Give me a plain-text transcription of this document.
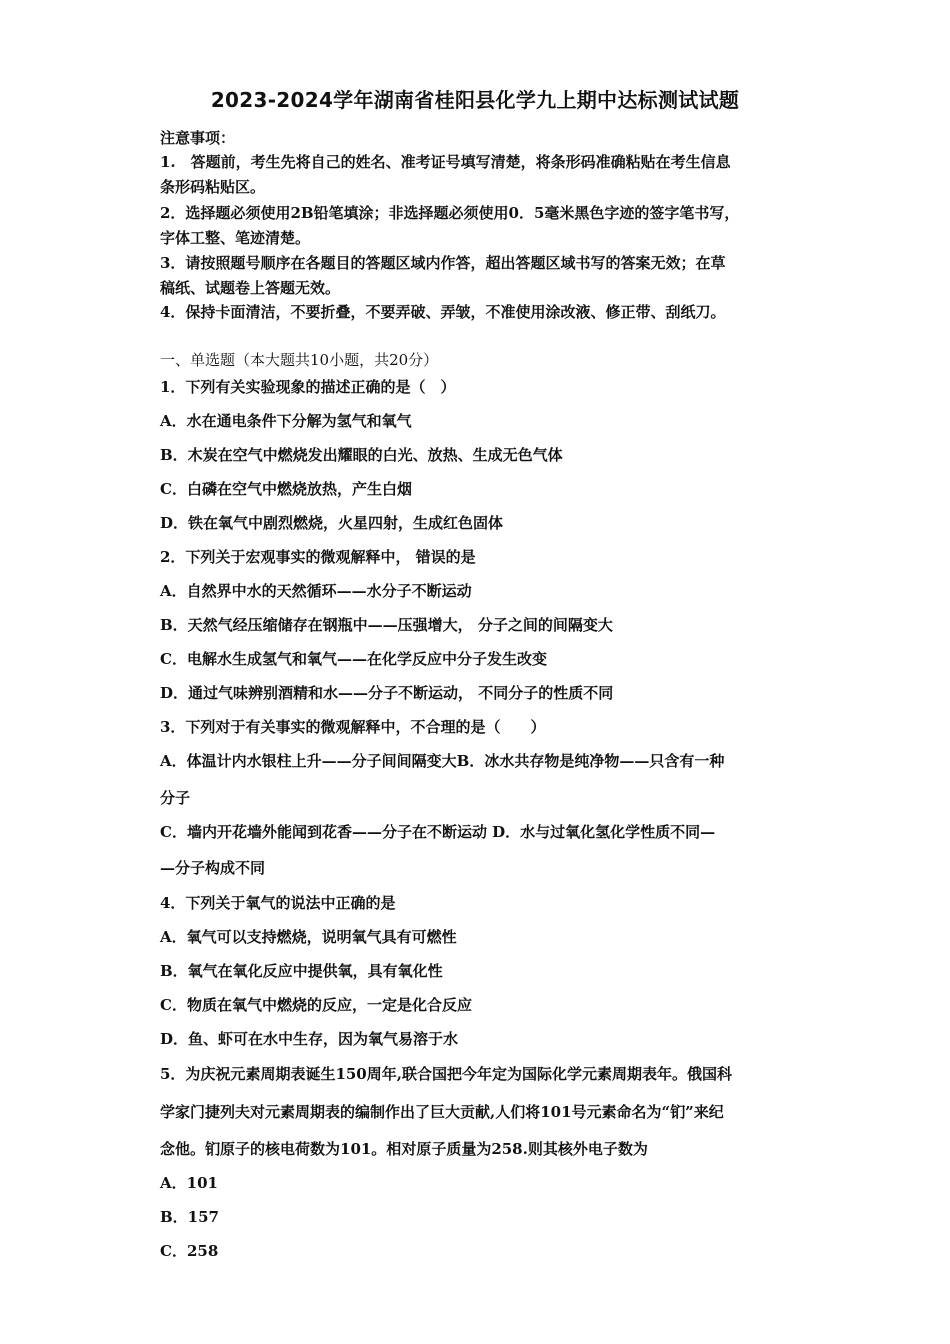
2023-2024学年湖南省桂阳县化学九上期中达标测试试题
注意事项：
1.　答题前，考生先将自己的姓名、准考证号填写清楚，将条形码准确粘贴在考生信息
条形码粘贴区。
2．选择题必须使用2B铅笔填涂；非选择题必须使用0．5毫米黑色字迹的签字笔书写，
字体工整、笔迹清楚。
3．请按照题号顺序在各题目的答题区域内作答，超出答题区域书写的答案无效；在草
稿纸、试题卷上答题无效。
4．保持卡面清洁，不要折叠，不要弄破、弄皱，不准使用涂改液、修正带、刮纸刀。
一、单选题（本大题共10小题，共20分）
1．下列有关实验现象的描述正确的是（　）
A．水在通电条件下分解为氢气和氧气
B．木炭在空气中燃烧发出耀眼的白光、放热、生成无色气体
C．白磷在空气中燃烧放热，产生白烟
D．铁在氧气中剧烈燃烧，火星四射，生成红色固体
2．下列关于宏观事实的微观解释中， 错误的是
A．自然界中水的天然循环——水分子不断运动
B．天然气经压缩储存在钢瓶中——压强增大， 分子之间的间隔变大
C．电解水生成氢气和氧气——在化学反应中分子发生改变
D．通过气味辨别酒精和水——分子不断运动， 不同分子的性质不同
3．下列对于有关事实的微观解释中，不合理的是（　　）
A．体温计内水银柱上升——分子间间隔变大B．冰水共存物是纯净物——只含有一种
分子
C．墙内开花墙外能闻到花香——分子在不断运动 D．水与过氧化氢化学性质不同—
—分子构成不同
4．下列关于氧气的说法中正确的是
A．氧气可以支持燃烧，说明氧气具有可燃性
B．氧气在氧化反应中提供氧，具有氧化性
C．物质在氧气中燃烧的反应，一定是化合反应
D．鱼、虾可在水中生存，因为氧气易溶于水
5．为庆祝元素周期表诞生150周年,联合国把今年定为国际化学元素周期表年。俄国科
学家门捷列夫对元素周期表的编制作出了巨大贡献,人们将101号元素命名为“钔”来纪
念他。钔原子的核电荷数为101。相对原子质量为258.则其核外电子数为
A．101
B．157
C．258
